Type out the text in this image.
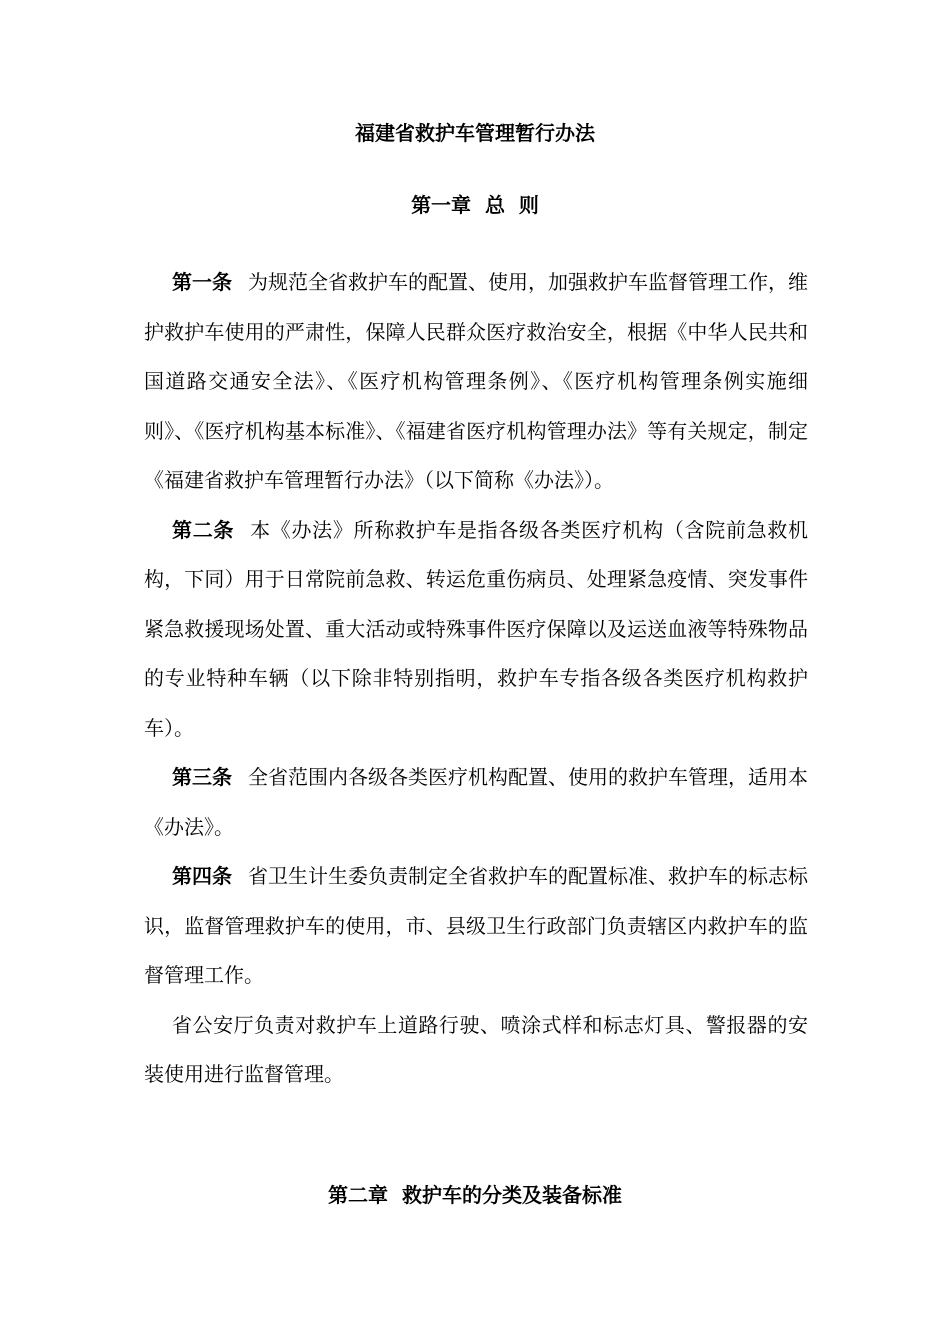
福建省救护车管理暂行办法
第一章  总  则

第一条 为规范全省救护车的配置、使用，加强救护车监督管理工作，维护救护车使用的严肃性，保障人民群众医疗救治安全，根据《中华人民共和国道路交通安全法》、《医疗机构管理条例》、《医疗机构管理条例实施细则》、《医疗机构基本标准》、《福建省医疗机构管理办法》等有关规定，制定《福建省救护车管理暂行办法》（以下简称《办法》）。

第二条 本《办法》所称救护车是指各级各类医疗机构（含院前急救机构，下同）用于日常院前急救、转运危重伤病员、处理紧急疫情、突发事件紧急救援现场处置、重大活动或特殊事件医疗保障以及运送血液等特殊物品的专业特种车辆（以下除非特别指明，救护车专指各级各类医疗机构救护车）。

第三条 全省范围内各级各类医疗机构配置、使用的救护车管理，适用本《办法》。

第四条 省卫生计生委负责制定全省救护车的配置标准、救护车的标志标识，监督管理救护车的使用，市、县级卫生行政部门负责辖区内救护车的监督管理工作。

省公安厅负责对救护车上道路行驶、喷涂式样和标志灯具、警报器的安装使用进行监督管理。

第二章  救护车的分类及装备标准
